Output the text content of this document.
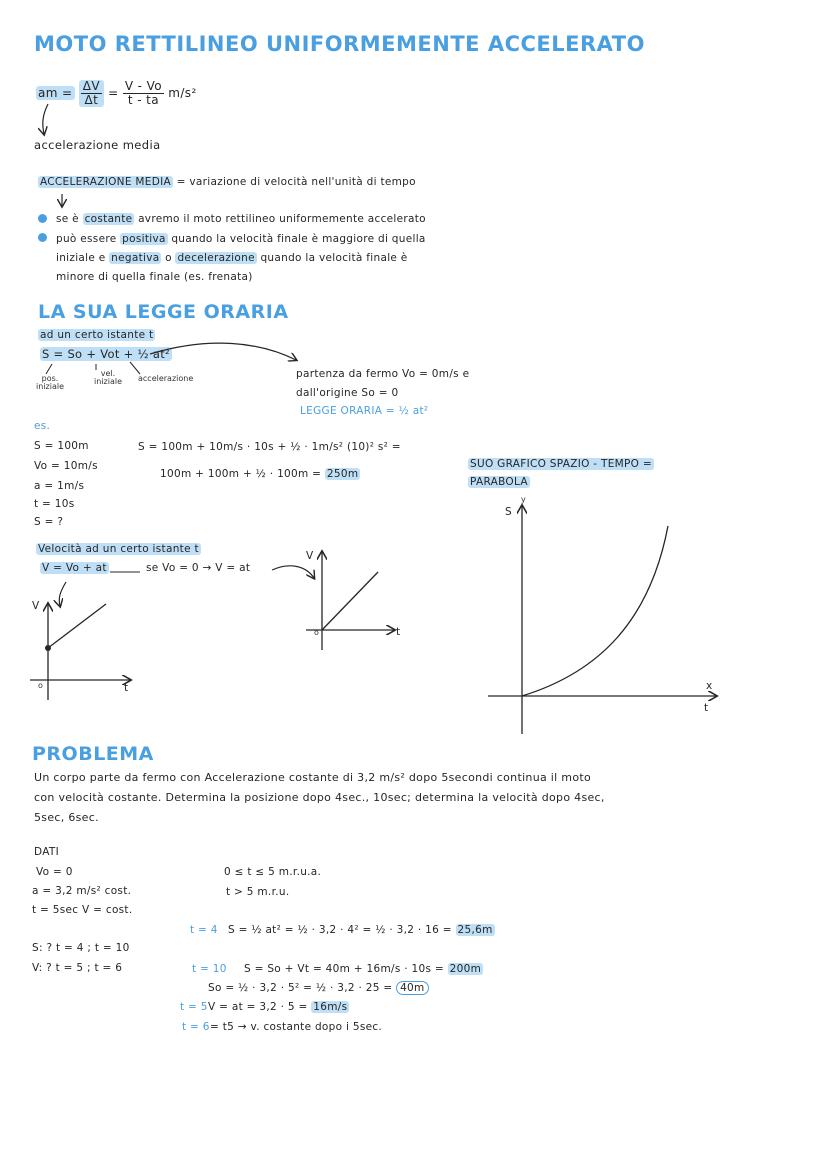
MOTO RETTILINEO UNIFORMEMENTE ACCELERATO
am = $\frac{\Delta V}{\Delta t} = \frac{V - Vo}{t - ta} m/s^2$
accelerazione media
ACCELERAZIONE MEDIA = variazione di velocità nell'unità di tempo
se è costante avremo il moto rettilineo uniformemente accelerato
può essere positiva quando la velocità finale è maggiore di quella
iniziale e negativa o decelerazione quando la velocità finale è
minore di quella finale (es. frenata)
LA SUA LEGGE ORARIA
ad un certo istante t
S = So + Vot + ½ at²
pos. iniziale
vel. iniziale	accelerazione	partenza da fermo Vo = 0m/s e
dall'origine So = 0
LEGGE ORARIA = ½ at²
es.
S = 100m
Vo = 10m/s
a = 1m/s
t = 10s
S = ?
S = 100m + 10m/s · 10s + ½ · 1m/s² (10)² s² =
100m + 100m + ½ · 100m = 250m
SUO GRAFICO SPAZIO - TEMPO =
PARABOLA
S
y
x
t
Velocità ad un certo istante t
V = Vo + at	se Vo = 0 → V = at
V
o	t
V
o	t
PROBLEMA
Un corpo parte da fermo con Accelerazione costante di 3,2 m/s² dopo 5secondi continua il moto
con velocità costante. Determina la posizione dopo 4sec., 10sec; determina la velocità dopo 4sec,
5sec, 6sec.
DATI
Vo = 0
a = 3,2 m/s² cost.
t = 5sec V = cost.
S: ? t = 4 ; t = 10
V: ? t = 5 ; t = 6
0 ≤ t ≤ 5 m.r.u.a.
t > 5 m.r.u.
t = 4 S = ½ at² = ½ · 3,2 · 4² = ½ · 3,2 · 16 = 25,6m
t = 10 S = So + Vt = 40m + 16m/s · 10s = 200m
So = ½ · 3,2 · 5² = ½ · 3,2 · 25 = 40m
t = 5 V = at = 3,2 · 5 = 16m/s
t = 6 = t5 → v. costante dopo i 5sec.
